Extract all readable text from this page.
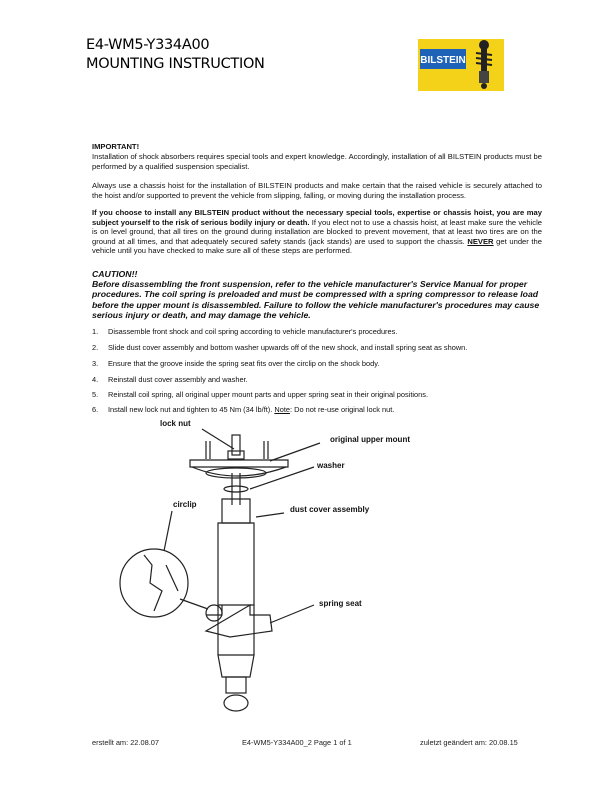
E4-WM5-Y334A00
MOUNTING INSTRUCTION	BILSTEIN
IMPORTANT!
Installation of shock absorbers requires special tools and expert knowledge. Accordingly, installation of all BILSTEIN products must be performed by a qualified suspension specialist.
Always use a chassis hoist for the installation of BILSTEIN products and make certain that the raised vehicle is securely attached to the hoist and/or supported to prevent the vehicle from slipping, falling, or moving during the installation process.
If you choose to install any BILSTEIN product without the necessary special tools, expertise or chassis hoist, you are may subject yourself to the risk of serious bodily injury or death. If you elect not to use a chassis hoist, at least make sure the vehicle is on level ground, that all tires on the ground during installation are blocked to prevent movement, that at least two tires are on the ground at all times, and that adequately secured safety stands (jack stands) are used to support the chassis. NEVER get under the vehicle until you have checked to make sure all of these steps are performed.
CAUTION!!
Before disassembling the front suspension, refer to the vehicle manufacturer's Service Manual for proper procedures. The coil spring is preloaded and must be compressed with a spring compressor to release load before the upper mount is disassembled. Failure to follow the vehicle manufacturer's procedures may cause serious injury or death, and may damage the vehicle.
1. Disassemble front shock and coil spring according to vehicle manufacturer's procedures.
2. Slide dust cover assembly and bottom washer upwards off of the new shock, and install spring seat as shown.
3. Ensure that the groove inside the spring seat fits over the circlip on the shock body.
4. Reinstall dust cover assembly and washer.
5. Reinstall coil spring, all original upper mount parts and upper spring seat in their original positions.
6. Install new lock nut and tighten to 45 Nm (34 lb/ft). Note: Do not re-use original lock nut.
lock nut
original upper mount
washer
circlip
dust cover assembly
spring seat
erstellt am: 22.08.07	E4-WM5-Y334A00_2 Page 1 of 1	zuletzt geändert am: 20.08.15
